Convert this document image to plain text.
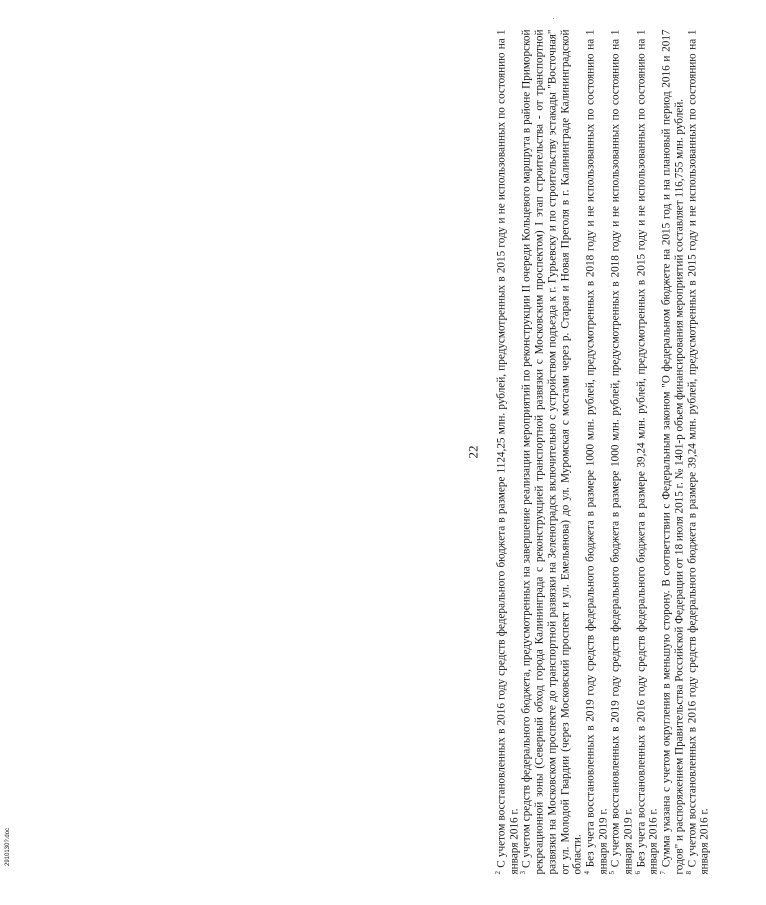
22

$^2$ С учетом восстановленных в 2016 году средств федерального бюджета в размере 1124,25 млн. рублей, предусмотренных в 2015 году и не использованных по состоянию на 1 января 2016 г.

$^3$ С учетом средств федерального бюджета, предусмотренных на завершение реализации мероприятий по реконструкции II очереди Кольцевого маршрута в районе Приморской рекреационной зоны (Северный обход города Калининграда с реконструкцией транспортной развязки с Московским проспектом) I этап строительства - от транспортной развязки на Московском проспекте до транспортной развязки на Зеленоградск включительно с устройством подъезда к г. Гурьевску и по строительству эстакады "Восточная" от ул. Молодой Гвардии (через Московский проспект и ул. Емельянова) до ул. Муромская с мостами через р. Старая и Новая Преголя в г. Калининграде Калининградской области.

$^4$ Без учета восстановленных в 2019 году средств федерального бюджета в размере 1000 млн. рублей, предусмотренных в 2018 году и не использованных по состоянию на 1 января 2019 г.

$^5$ С учетом восстановленных в 2019 году средств федерального бюджета в размере 1000 млн. рублей, предусмотренных в 2018 году и не использованных по состоянию на 1 января 2019 г.

$^6$ Без учета восстановленных в 2016 году средств федерального бюджета в размере 39,24 млн. рублей, предусмотренных в 2015 году и не использованных по состоянию на 1 января 2016 г.

$^7$ Сумма указана с учетом округления в меньшую сторону. В соответствии с Федеральным законом "О федеральном бюджете на 2015 год и на плановый период 2016 и 2017 годов" и распоряжением Правительства Российской Федерации от 18 июля 2015 г. № 1401-р объем финансирования мероприятий составляет 116,755 млн. рублей.

$^8$ С учетом восстановленных в 2016 году средств федерального бюджета в размере 39,24 млн. рублей, предусмотренных в 2015 году и не использованных по состоянию на 1 января 2016 г.

2910130?.doc
